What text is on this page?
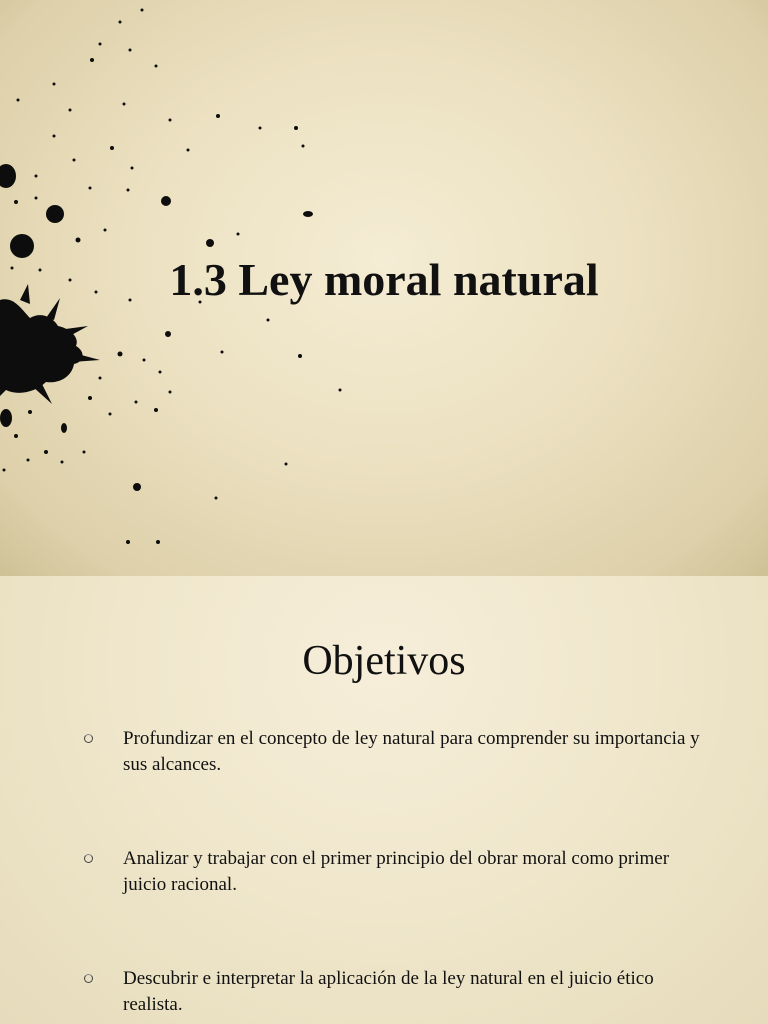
1.3 Ley moral natural
Objetivos
Profundizar en el concepto de ley natural para comprender su importancia y sus alcances.
Analizar y trabajar con el primer principio del obrar moral como primer juicio racional.
Descubrir e interpretar la aplicación de la ley natural en el juicio ético realista.
